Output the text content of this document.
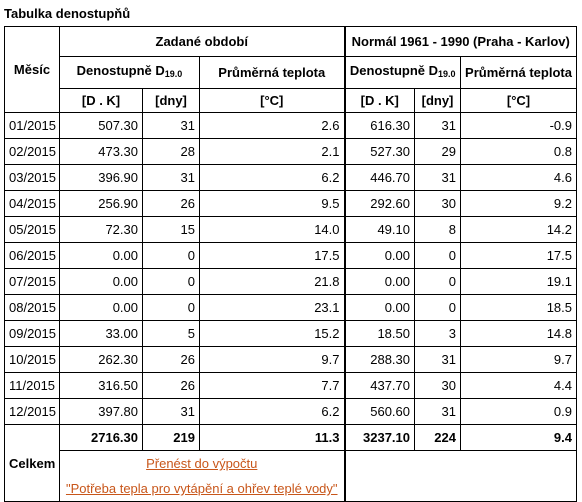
Tabulka denostupňů
Měsíc	Zadané období			Normál 1961 - 1990 (Praha - Karlov)		
	Denostupně $D_{19.0}$		Průměrná teplota	Denostupně $D_{19.0}$		Průměrná teplota
	[D . K]	[dny]	[°C]	[D . K]	[dny]	[°C]
01/2015	507.30	31	2.6	616.30	31	-0.9
02/2015	473.30	28	2.1	527.30	29	0.8
03/2015	396.90	31	6.2	446.70	31	4.6
04/2015	256.90	26	9.5	292.60	30	9.2
05/2015	72.30	15	14.0	49.10	8	14.2
06/2015	0.00	0	17.5	0.00	0	17.5
07/2015	0.00	0	21.8	0.00	0	19.1
08/2015	0.00	0	23.1	0.00	0	18.5
09/2015	33.00	5	15.2	18.50	3	14.8
10/2015	262.30	26	9.7	288.30	31	9.7
11/2015	316.50	26	7.7	437.70	30	4.4
12/2015	397.80	31	6.2	560.60	31	0.9
Celkem	2716.30	219	11.3	3237.10	224	9.4
	Přenést do výpočtu
"Potřeba tepla pro vytápění a ohřev teplé vody"					
